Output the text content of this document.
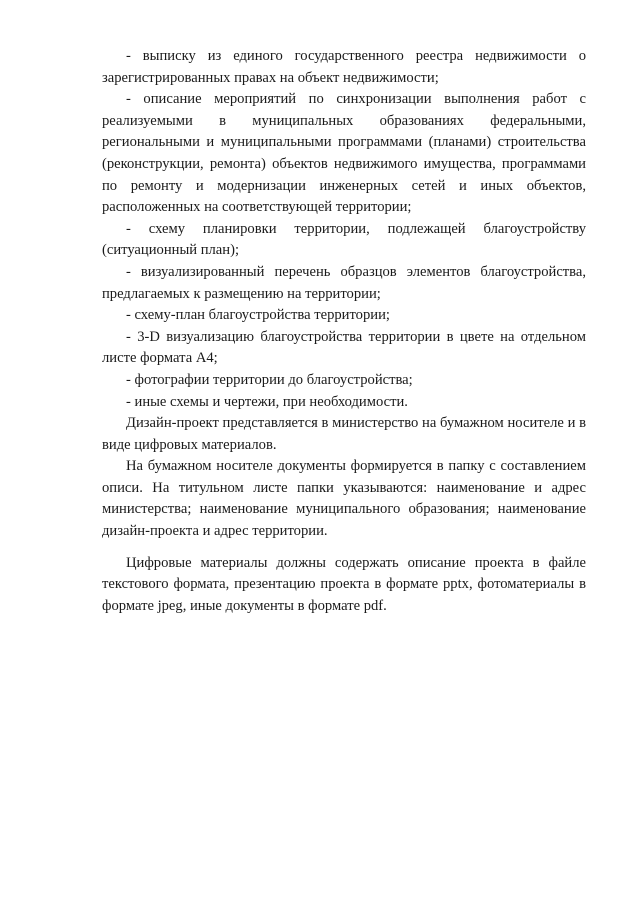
- выписку из единого государственного реестра недвижимости о зарегистрированных правах на объект недвижимости;

- описание мероприятий по синхронизации выполнения работ с реализуемыми в муниципальных образованиях федеральными, региональными и муниципальными программами (планами) строительства (реконструкции, ремонта) объектов недвижимого имущества, программами по ремонту и модернизации инженерных сетей и иных объектов, расположенных на соответствующей территории;

- схему планировки территории, подлежащей благоустройству (ситуационный план);

- визуализированный перечень образцов элементов благоустройства, предлагаемых к размещению на территории;

- схему-план благоустройства территории;

- 3-D визуализацию благоустройства территории в цвете на отдельном листе формата А4;

- фотографии территории до благоустройства;

- иные схемы и чертежи, при необходимости.

Дизайн-проект представляется в министерство на бумажном носителе и в виде цифровых материалов.

На бумажном носителе документы формируется в папку с составлением описи. На титульном листе папки указываются: наименование и адрес министерства; наименование муниципального образования; наименование дизайн-проекта и адрес территории.

Цифровые материалы должны содержать описание проекта в файле текстового формата, презентацию проекта в формате pptx, фотоматериалы в формате jpeg, иные документы в формате pdf.
